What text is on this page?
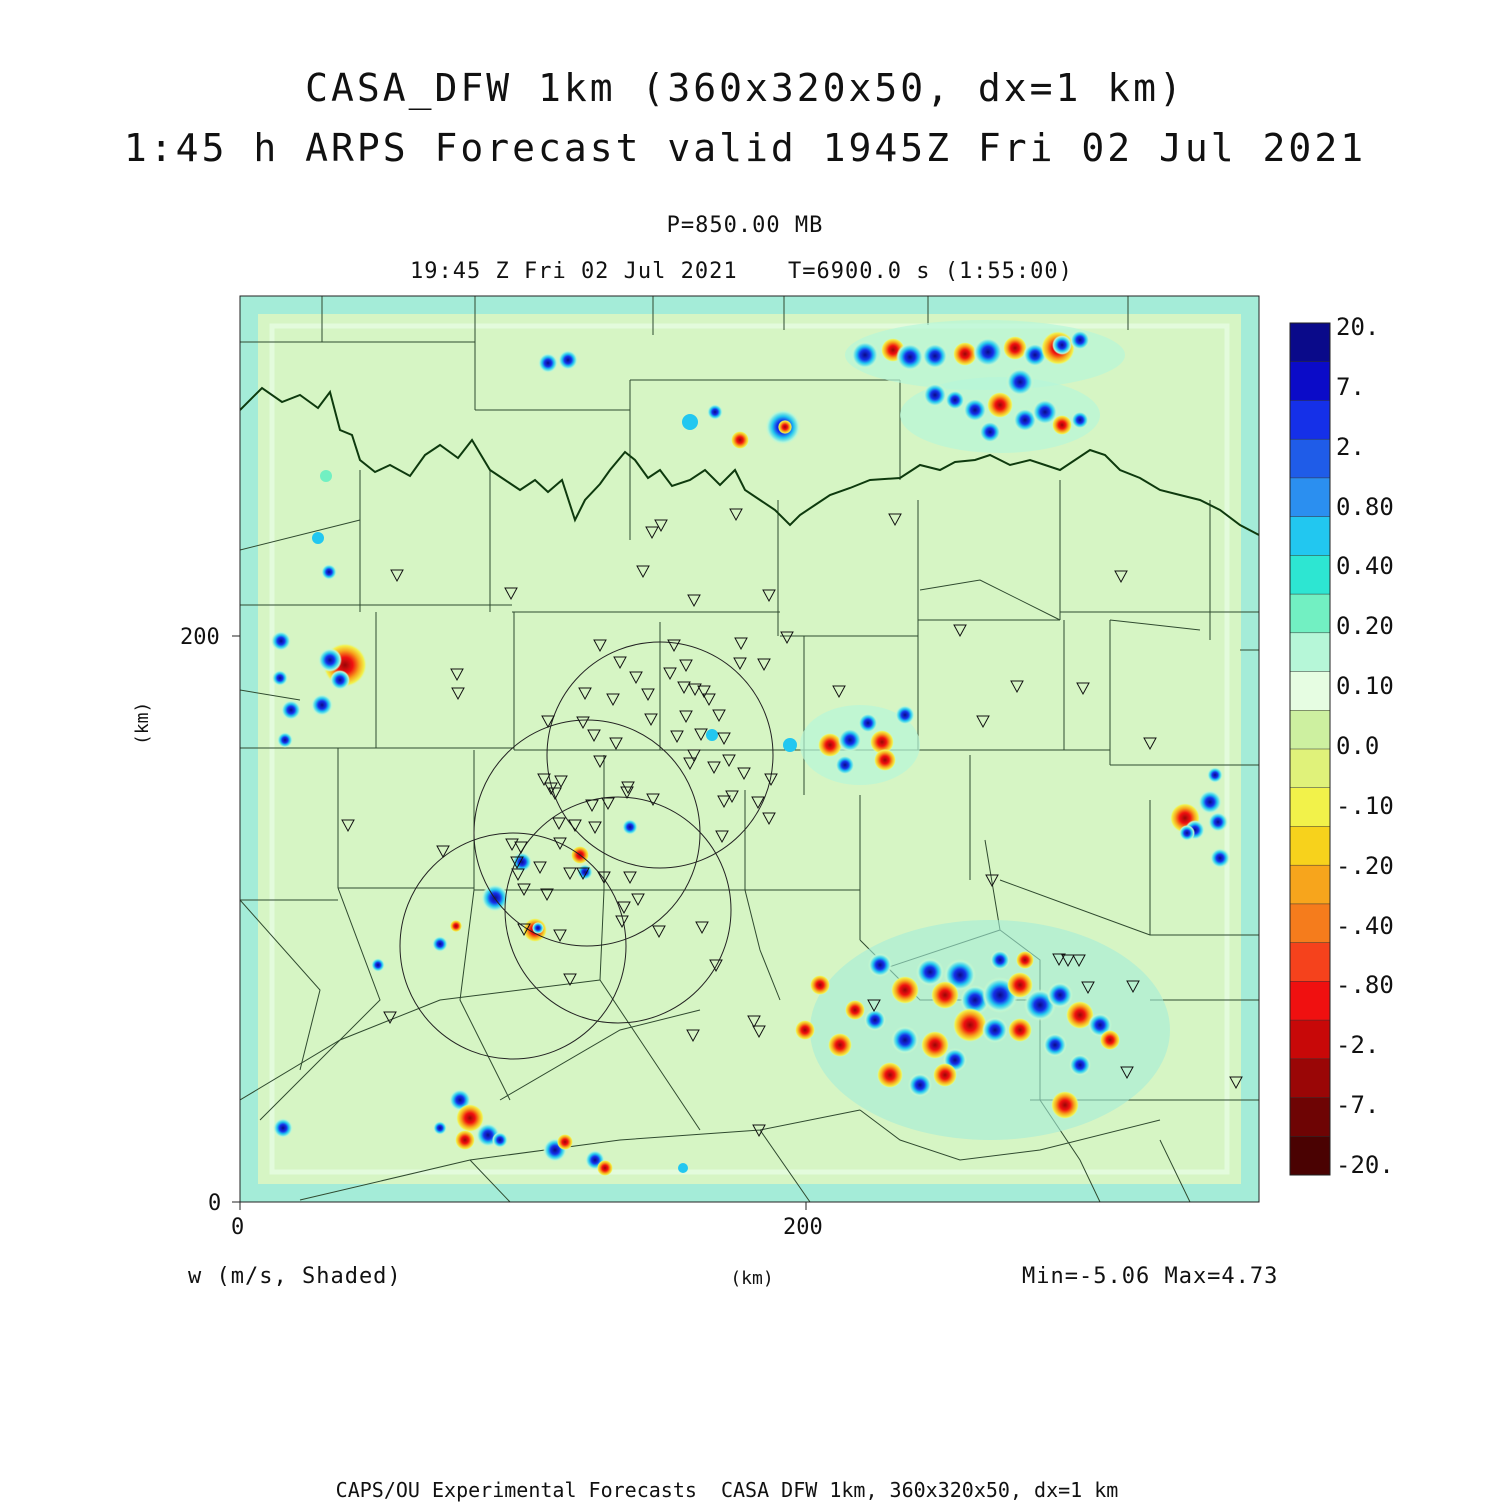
CASA_DFW 1km (360x320x50, dx=1 km)
1:45 h ARPS Forecast valid 1945Z Fri 02 Jul 2021
P=850.00 MB
19:45 Z Fri 02 Jul 2021 T=6900.0 s (1:55:00)
200
0
0	200
(km)
(km)
w (m/s, Shaded)	Min=-5.06 Max=4.73
CAPS/OU Experimental Forecasts  CASA DFW 1km, 360x320x50, dx=1 km
20.
7.
2.
0.80
0.40
0.20
0.10
0.0
-.10
-.20
-.40
-.80
-2.
-7.
-20.
